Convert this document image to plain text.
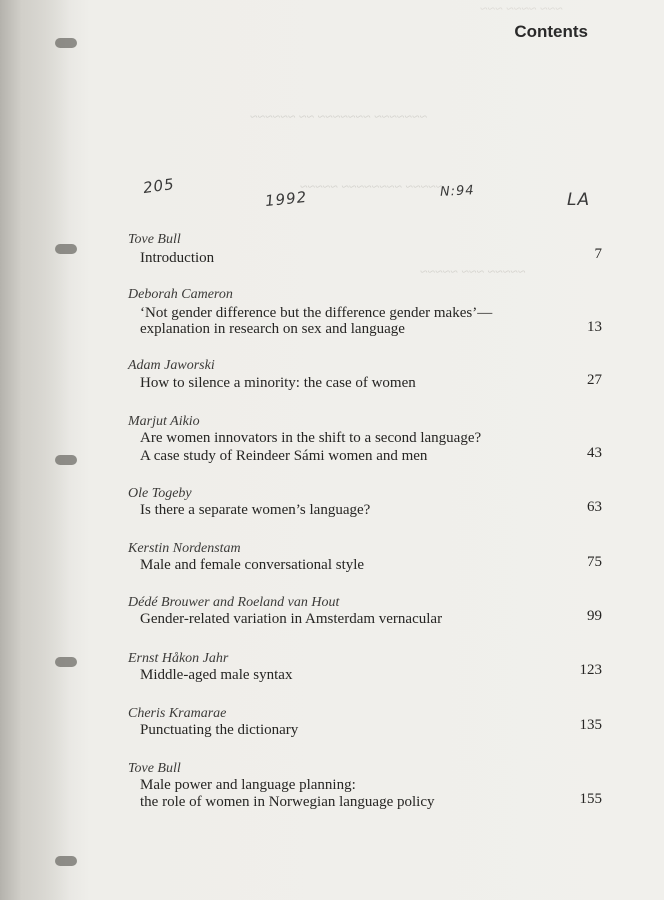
~~~ ~~~~ ~~~
~~~~~~~ ~~~~~~~ ~~ ~~~~~~
~~~~~ ~~~~~~~~ ~~~~~
~~~~~ ~~~ ~~~~~
Contents
205
1992	N:94	LA
Tove Bull
Introduction	7
Deborah Cameron
‘Not gender difference but the difference gender makes’—
explanation in research on sex and language	13
Adam Jaworski
How to silence a minority: the case of women	27
Marjut Aikio
Are women innovators in the shift to a second language?
A case study of Reindeer Sámi women and men	43
Ole Togeby
Is there a separate women’s language?	63
Kerstin Nordenstam
Male and female conversational style	75
Dédé Brouwer and Roeland van Hout
Gender-related variation in Amsterdam vernacular	99
Ernst Håkon Jahr
Middle-aged male syntax	123
Cheris Kramarae
Punctuating the dictionary	135
Tove Bull
Male power and language planning:
the role of women in Norwegian language policy	155
